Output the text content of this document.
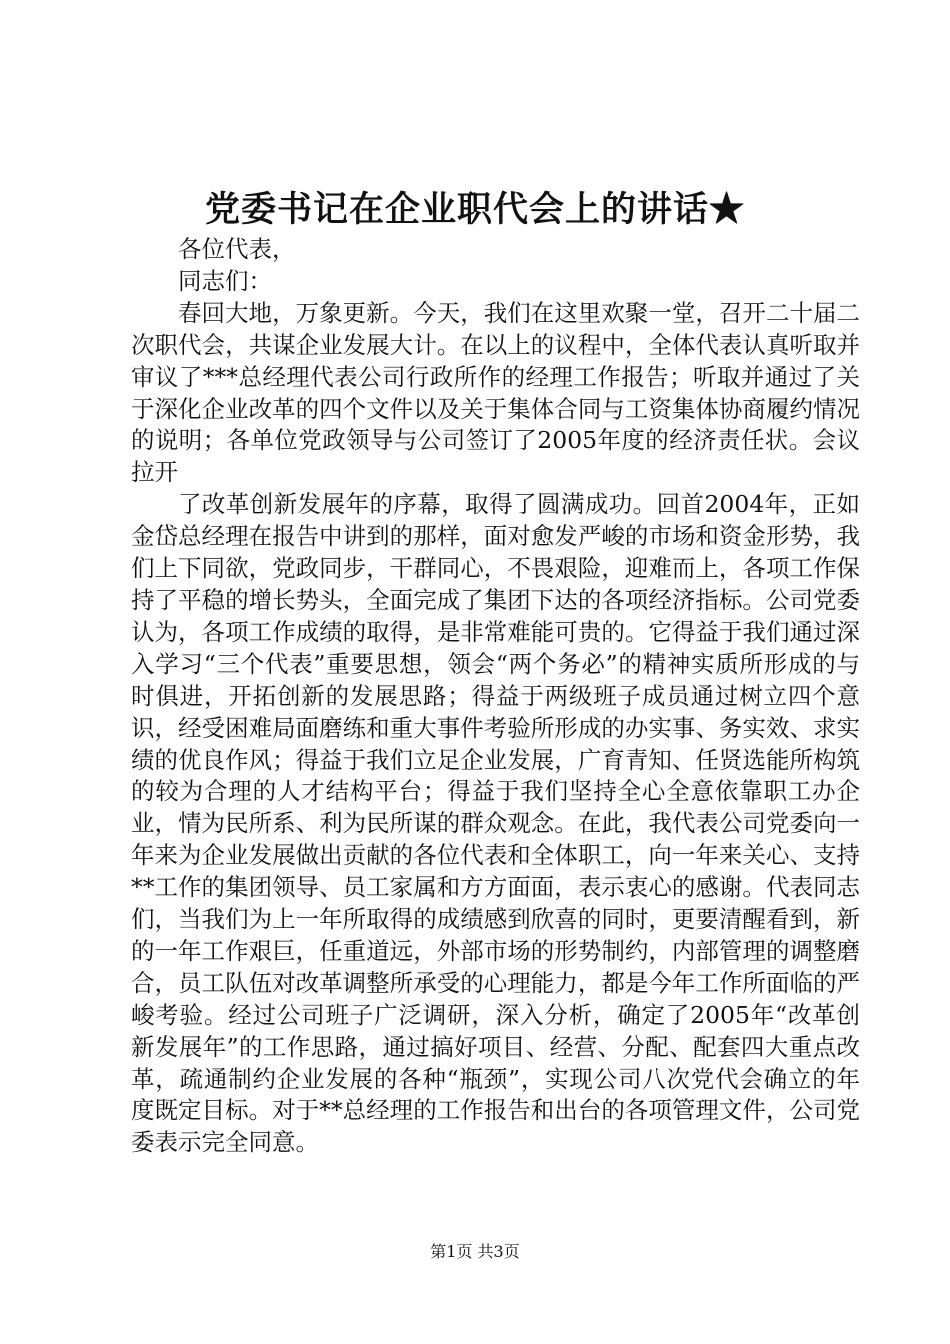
党委书记在企业职代会上的讲话★

各位代表，

同志们：

春回大地，万象更新。今天，我们在这里欢聚一堂，召开二十届二次职代会，共谋企业发展大计。在以上的议程中，全体代表认真听取并审议了***总经理代表公司行政所作的经理工作报告；听取并通过了关于深化企业改革的四个文件以及关于集体合同与工资集体协商履约情况的说明；各单位党政领导与公司签订了2005年度的经济责任状。会议拉开

了改革创新发展年的序幕，取得了圆满成功。回首2004年，正如金岱总经理在报告中讲到的那样，面对愈发严峻的市场和资金形势，我们上下同欲，党政同步，干群同心，不畏艰险，迎难而上，各项工作保持了平稳的增长势头，全面完成了集团下达的各项经济指标。公司党委认为，各项工作成绩的取得，是非常难能可贵的。它得益于我们通过深入学习“三个代表”重要思想，领会“两个务必”的精神实质所形成的与时俱进，开拓创新的发展思路；得益于两级班子成员通过树立四个意识，经受困难局面磨练和重大事件考验所形成的办实事、务实效、求实绩的优良作风；得益于我们立足企业发展，广育青知、任贤选能所构筑的较为合理的人才结构平台；得益于我们坚持全心全意依靠职工办企业，情为民所系、利为民所谋的群众观念。在此，我代表公司党委向一年来为企业发展做出贡献的各位代表和全体职工，向一年来关心、支持**工作的集团领导、员工家属和方方面面，表示衷心的感谢。代表同志们，当我们为上一年所取得的成绩感到欣喜的同时，更要清醒看到，新的一年工作艰巨，任重道远，外部市场的形势制约，内部管理的调整磨合，员工队伍对改革调整所承受的心理能力，都是今年工作所面临的严峻考验。经过公司班子广泛调研，深入分析，确定了2005年“改革创新发展年”的工作思路，通过搞好项目、经营、分配、配套四大重点改革，疏通制约企业发展的各种“瓶颈”，实现公司八次党代会确立的年度既定目标。对于**总经理的工作报告和出台的各项管理文件，公司党委表示完全同意。

第1页 共3页
